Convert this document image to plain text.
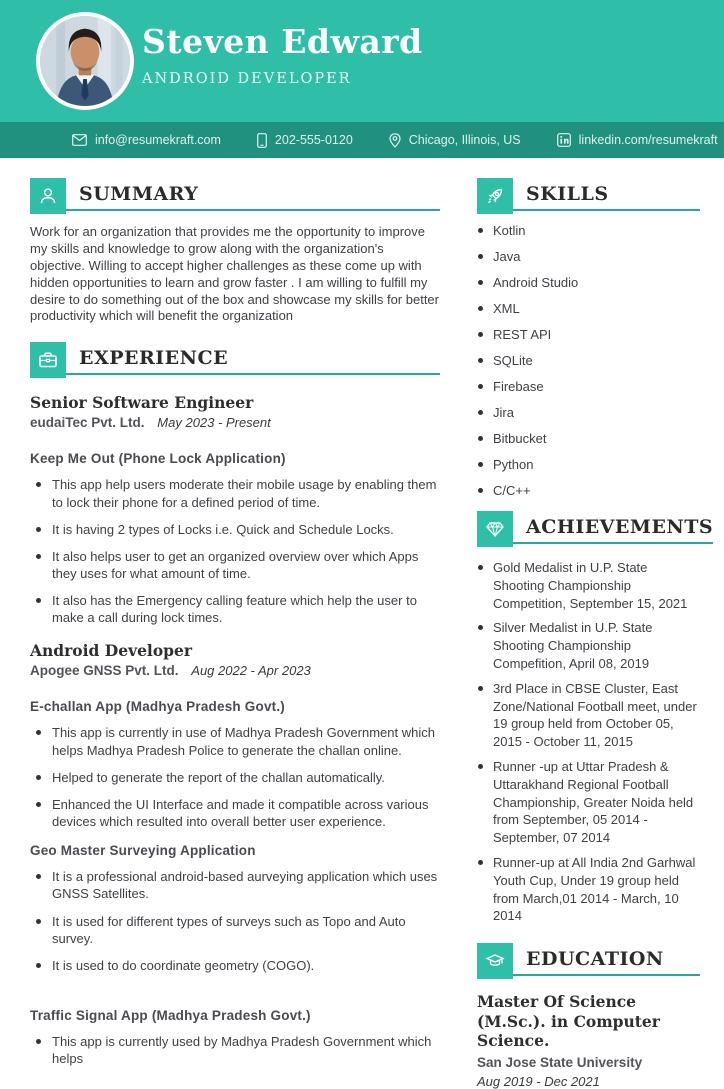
Steven Edward
ANDROID DEVELOPER
info@resumekraft.com	202-555-0120	Chicago, Illinois, US	linkedin.com/resumekraft
SUMMARY
Work for an organization that provides me the opportunity to improve my skills and knowledge to grow along with the organization's objective. Willing to accept higher challenges as these come up with hidden opportunities to learn and grow faster . I am willing to fulfill my desire to do something out of the box and showcase my skills for better productivity which will benefit the organization
EXPERIENCE
Senior Software Engineer
eudaiTec Pvt. Ltd. May 2023 - Present
Keep Me Out (Phone Lock Application)
This app help users moderate their mobile usage by enabling them to lock their phone for a defined period of time.
It is having 2 types of Locks i.e. Quick and Schedule Locks.
It also helps user to get an organized overview over which Apps they uses for what amount of time.
It also has the Emergency calling feature which help the user to make a call during lock times.
Android Developer
Apogee GNSS Pvt. Ltd. Aug 2022 - Apr 2023
E-challan App (Madhya Pradesh Govt.)
This app is currently in use of Madhya Pradesh Government which helps Madhya Pradesh Police to generate the challan online.
Helped to generate the report of the challan automatically.
Enhanced the UI Interface and made it compatible across various devices which resulted into overall better user experience.
Geo Master Surveying Application
It is a professional android-based aurveying application which uses GNSS Satellites.
It is used for different types of surveys such as Topo and Auto survey.
It is used to do coordinate geometry (COGO).
Traffic Signal App (Madhya Pradesh Govt.)
This app is currently used by Madhya Pradesh Government which helps
SKILLS
Kotlin
Java
Android Studio
XML
REST API
SQLite
Firebase
Jira
Bitbucket
Python
C/C++
ACHIEVEMENTS
Gold Medalist in U.P. State Shooting Championship Competition, September 15, 2021
Silver Medalist in U.P. State Shooting Championship Compefition, April 08, 2019
3rd Place in CBSE Cluster, East Zone/National Football meet, under 19 group held from October 05, 2015 - October 11, 2015
Runner -up at Uttar Pradesh & Uttarakhand Regional Football Championship, Greater Noida held from September, 05 2014 - September, 07 2014
Runner-up at All India 2nd Garhwal Youth Cup, Under 19 group held from March,01 2014 - March, 10 2014
EDUCATION
Master Of Science (M.Sc.). in Computer Science.
San Jose State University
Aug 2019 - Dec 2021
